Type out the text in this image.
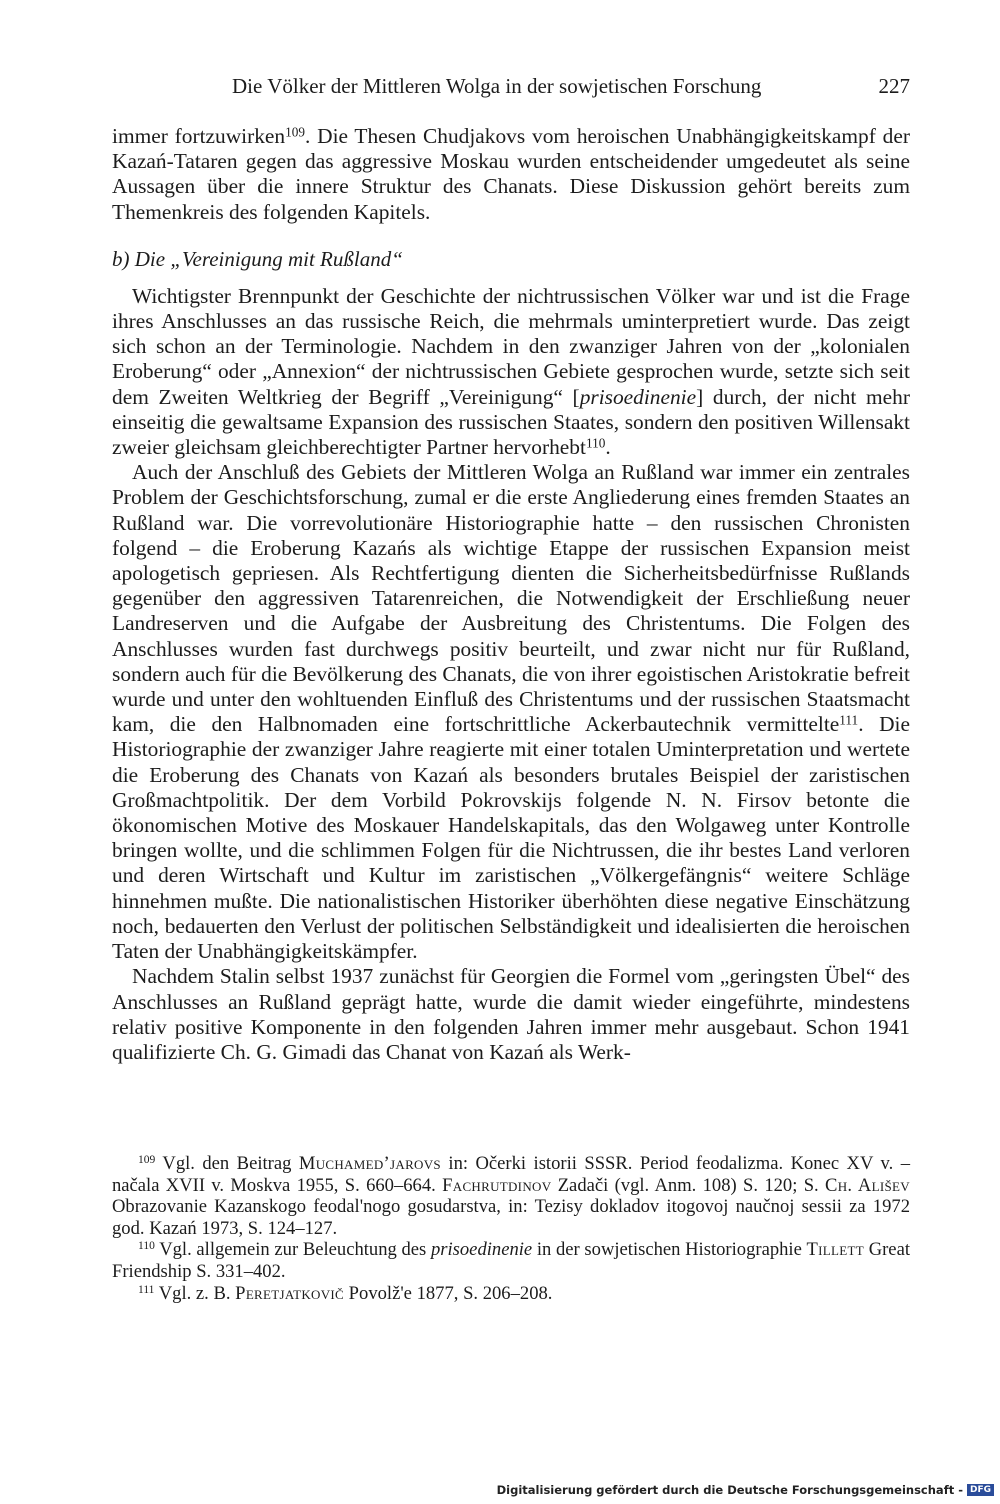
Die Völker der Mittleren Wolga in der sowjetischen Forschung	227

immer fortzuwirken$^{109}$. Die Thesen Chudjakovs vom heroischen Unabhängigkeitskampf der Kazań-Tataren gegen das aggressive Moskau wurden entscheidender umgedeutet als seine Aussagen über die innere Struktur des Chanats. Diese Diskussion gehört bereits zum Themenkreis des folgenden Kapitels.

b) Die „Vereinigung mit Rußland“

Wichtigster Brennpunkt der Geschichte der nichtrussischen Völker war und ist die Frage ihres Anschlusses an das russische Reich, die mehrmals uminterpretiert wurde. Das zeigt sich schon an der Terminologie. Nachdem in den zwanziger Jahren von der „kolonialen Eroberung“ oder „Annexion“ der nichtrussischen Gebiete gesprochen wurde, setzte sich seit dem Zweiten Weltkrieg der Begriff „Vereinigung“ [prisoedinenie] durch, der nicht mehr einseitig die gewaltsame Expansion des russischen Staates, sondern den positiven Willensakt zweier gleichsam gleichberechtigter Partner hervorhebt$^{110}$.

Auch der Anschluß des Gebiets der Mittleren Wolga an Rußland war immer ein zentrales Problem der Geschichtsforschung, zumal er die erste Angliederung eines fremden Staates an Rußland war. Die vorrevolutionäre Historiographie hatte – den russischen Chronisten folgend – die Eroberung Kazańs als wichtige Etappe der russischen Expansion meist apologetisch gepriesen. Als Rechtfertigung dienten die Sicherheitsbedürfnisse Rußlands gegenüber den aggressiven Tatarenreichen, die Notwendigkeit der Erschließung neuer Landreserven und die Aufgabe der Ausbreitung des Christentums. Die Folgen des Anschlusses wurden fast durchwegs positiv beurteilt, und zwar nicht nur für Rußland, sondern auch für die Bevölkerung des Chanats, die von ihrer egoistischen Aristokratie befreit wurde und unter den wohltuenden Einfluß des Christentums und der russischen Staatsmacht kam, die den Halbnomaden eine fortschrittliche Ackerbautechnik vermittelte$^{111}$. Die Historiographie der zwanziger Jahre reagierte mit einer totalen Uminterpretation und wertete die Eroberung des Chanats von Kazań als besonders brutales Beispiel der zaristischen Großmachtpolitik. Der dem Vorbild Pokrovskijs folgende N. N. Firsov betonte die ökonomischen Motive des Moskauer Handelskapitals, das den Wolgaweg unter Kontrolle bringen wollte, und die schlimmen Folgen für die Nichtrussen, die ihr bestes Land verloren und deren Wirtschaft und Kultur im zaristischen „Völkergefängnis“ weitere Schläge hinnehmen mußte. Die nationalistischen Historiker überhöhten diese negative Einschätzung noch, bedauerten den Verlust der politischen Selbständigkeit und idealisierten die heroischen Taten der Unabhängigkeitskämpfer.

Nachdem Stalin selbst 1937 zunächst für Georgien die Formel vom „geringsten Übel“ des Anschlusses an Rußland geprägt hatte, wurde die damit wieder eingeführte, mindestens relativ positive Komponente in den folgenden Jahren immer mehr ausgebaut. Schon 1941 qualifizierte Ch. G. Gimadi das Chanat von Kazań als Werk-

$^{109}$ Vgl. den Beitrag Muchamed’jarovs in: Očerki istorii SSSR. Period feodalizma. Konec XV v. – načala XVII v. Moskva 1955, S. 660–664. Fachrutdinov Zadači (vgl. Anm. 108) S. 120; S. Ch. Ališev Obrazovanie Kazanskogo feodal'nogo gosudarstva, in: Tezisy dokladov itogovoj naučnoj sessii za 1972 god. Kazań 1973, S. 124–127.

$^{110}$ Vgl. allgemein zur Beleuchtung des prisoedinenie in der sowjetischen Historiographie Tillett Great Friendship S. 331–402.

$^{111}$ Vgl. z. B. Peretjatkovič Povolž'e 1877, S. 206–208.

Digitalisierung gefördert durch die Deutsche Forschungsgemeinschaft - DFG
